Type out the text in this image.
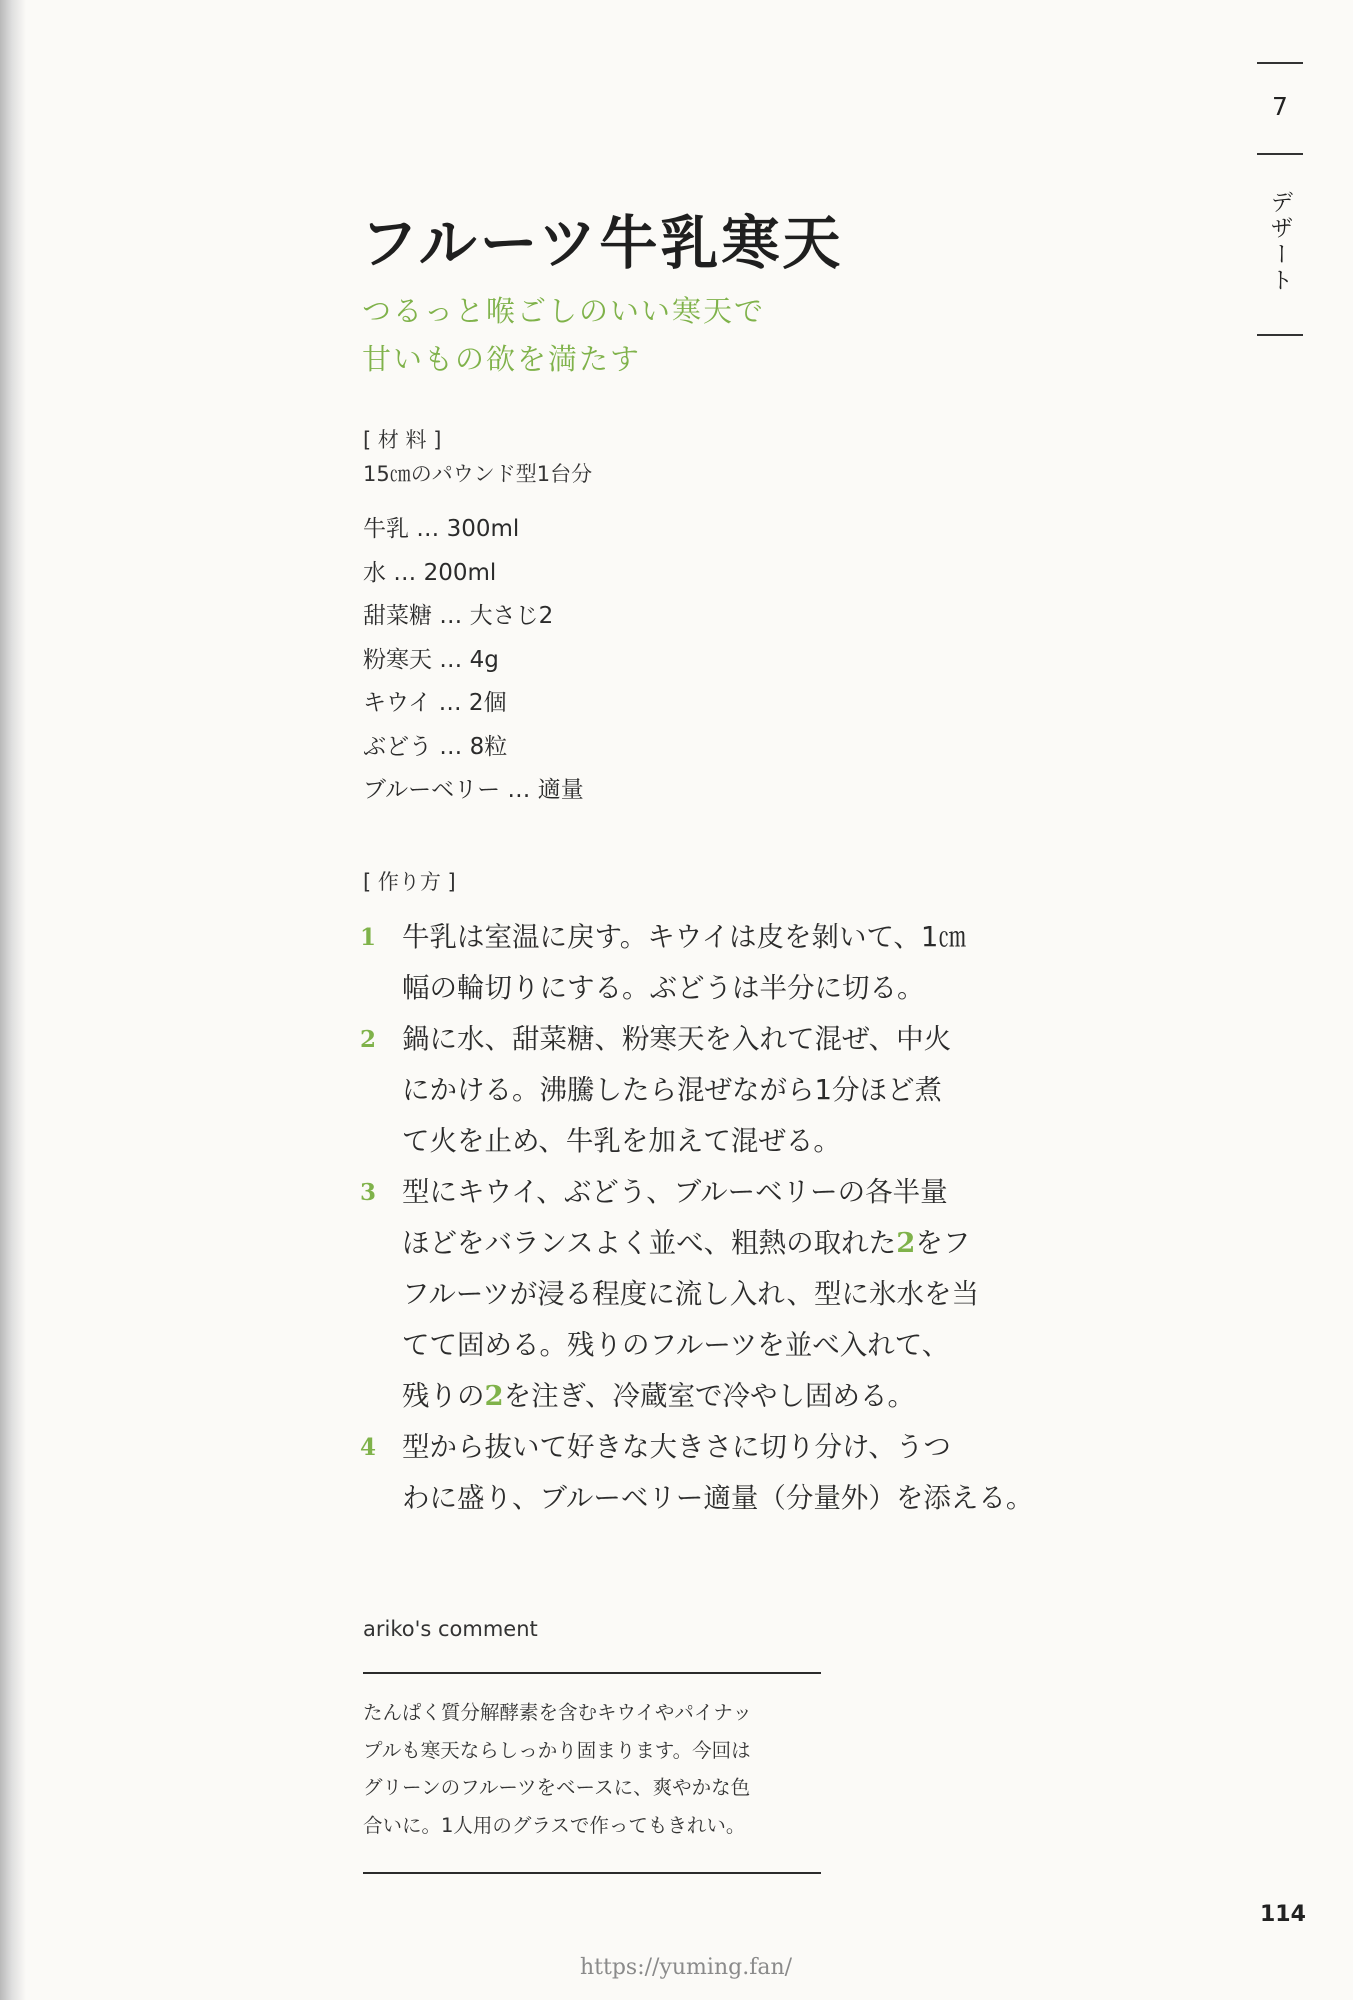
7
デザート
フルーツ牛乳寒天
つるっと喉ごしのいい寒天で
甘いもの欲を満たす
[ 材 料 ]
15㎝のパウンド型1台分
牛乳 … 300ml
水 … 200ml
甜菜糖 … 大さじ2
粉寒天 … 4g
キウイ … 2個
ぶどう … 8粒
ブルーベリー … 適量
[ 作り方 ]
1 牛乳は室温に戻す。キウイは皮を剝いて、1㎝
幅の輪切りにする。ぶどうは半分に切る。
2 鍋に水、甜菜糖、粉寒天を入れて混ぜ、中火
にかける。沸騰したら混ぜながら1分ほど煮
て火を止め、牛乳を加えて混ぜる。
3 型にキウイ、ぶどう、ブルーベリーの各半量
ほどをバランスよく並べ、粗熱の取れた2をフ
フルーツが浸る程度に流し入れ、型に氷水を当
てて固める。残りのフルーツを並べ入れて、
残りの2を注ぎ、冷蔵室で冷やし固める。
4 型から抜いて好きな大きさに切り分け、うつ
わに盛り、ブルーベリー適量（分量外）を添える。
ariko's comment
たんぱく質分解酵素を含むキウイやパイナッ
プルも寒天ならしっかり固まります。今回は
グリーンのフルーツをベースに、爽やかな色
合いに。1人用のグラスで作ってもきれい。
114
https://yuming.fan/
